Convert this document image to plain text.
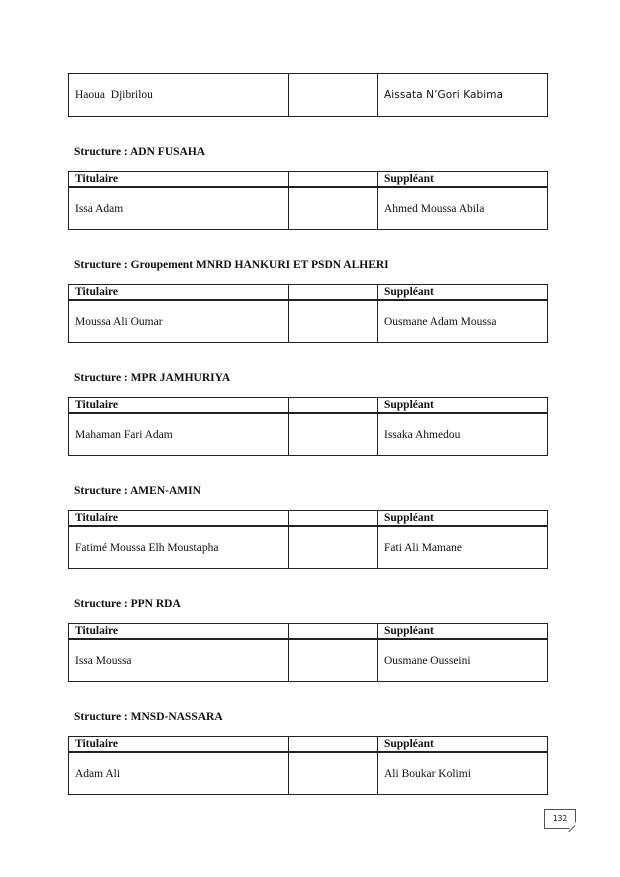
Haoua  Djibrilou		Aissata N’Gori Kabima
Structure : ADN FUSAHA
Titulaire		Suppléant
Issa Adam		Ahmed Moussa Abila
Structure : Groupement MNRD HANKURI ET PSDN ALHERI
Titulaire		Suppléant
Moussa Ali Oumar		Ousmane Adam Moussa
Structure : MPR JAMHURIYA
Titulaire		Suppléant
Mahaman Fari Adam		Issaka Ahmedou
Structure : AMEN-AMIN
Titulaire		Suppléant
Fatimé Moussa Elh Moustapha		Fati Ali Mamane
Structure : PPN RDA
Titulaire		Suppléant
Issa Moussa		Ousmane Ousseini
Structure : MNSD-NASSARA
Titulaire		Suppléant
Adam Ali		Ali Boukar Kolimi
132
